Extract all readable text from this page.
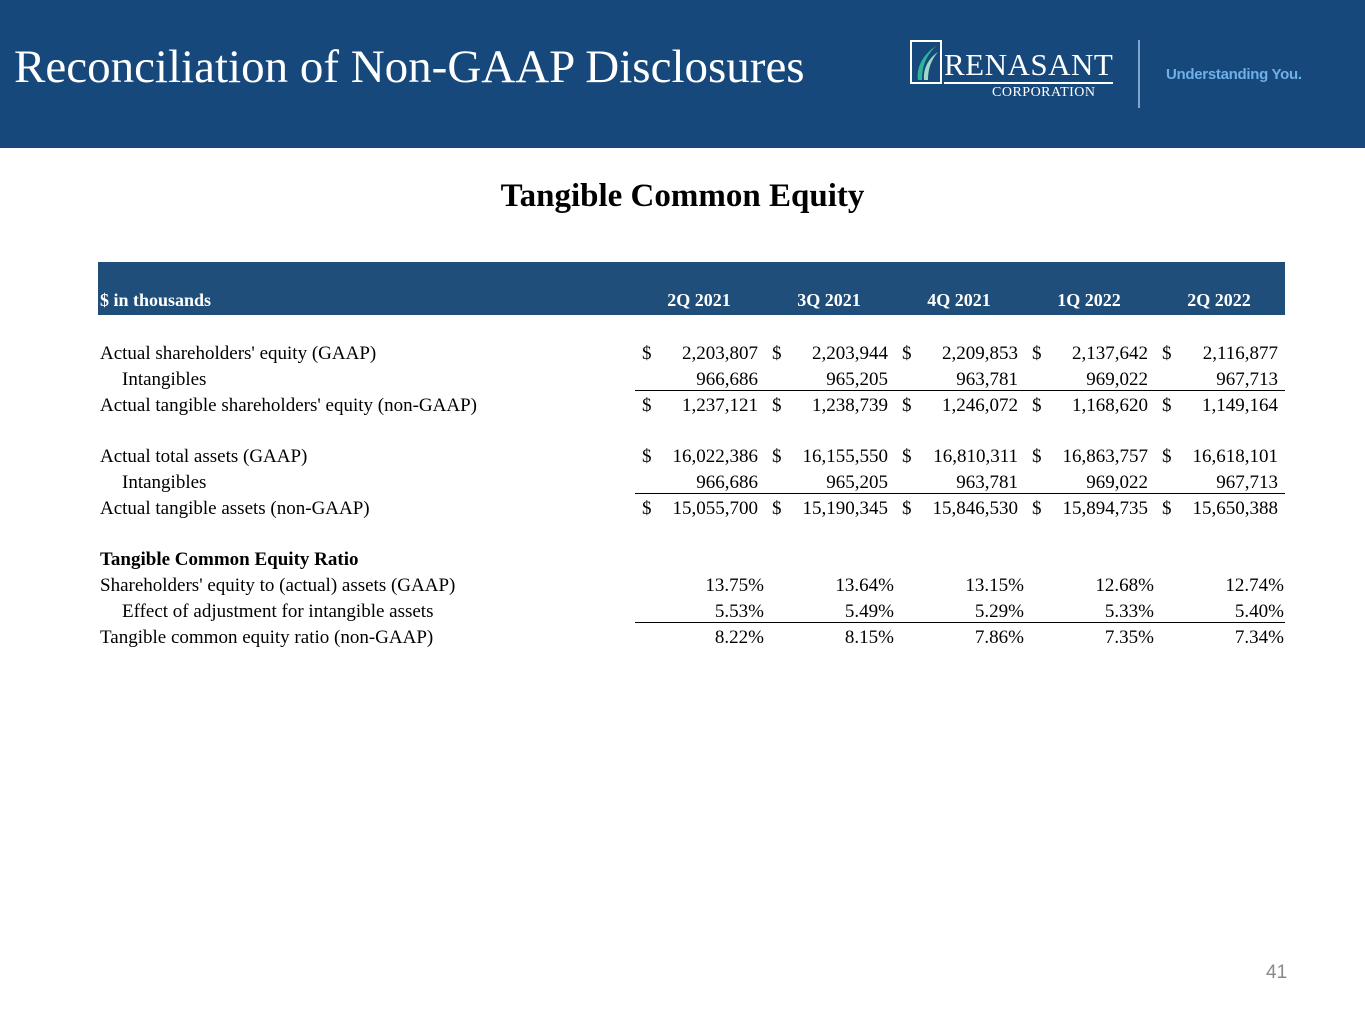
Reconciliation of Non-GAAP Disclosures	RENASANT
CORPORATION
Understanding You.
Tangible Common Equity
$ in thousands	2Q 2021	3Q 2021	4Q 2021	1Q 2022	2Q 2022
Actual shareholders' equity (GAAP)	$ 2,203,807 $ 2,203,944 $ 2,209,853 $ 2,137,642 $ 2,116,877
Intangibles	966,686	965,205	963,781	969,022	967,713
Actual tangible shareholders' equity (non-GAAP)	$ 1,237,121 $ 1,238,739 $ 1,246,072 $ 1,168,620 $ 1,149,164
Actual total assets (GAAP)	$ 16,022,386 $ 16,155,550 $ 16,810,311 $ 16,863,757 $ 16,618,101
Intangibles	966,686	965,205	963,781	969,022	967,713
Actual tangible assets (non-GAAP)	$ 15,055,700 $ 15,190,345 $ 15,846,530 $ 15,894,735 $ 15,650,388
Tangible Common Equity Ratio
Shareholders' equity to (actual) assets (GAAP)	13.75%	13.64%	13.15%	12.68%	12.74%
Effect of adjustment for intangible assets	5.53%	5.49%	5.29%	5.33%	5.40%
Tangible common equity ratio (non-GAAP)	8.22%	8.15%	7.86%	7.35%	7.34%
41
